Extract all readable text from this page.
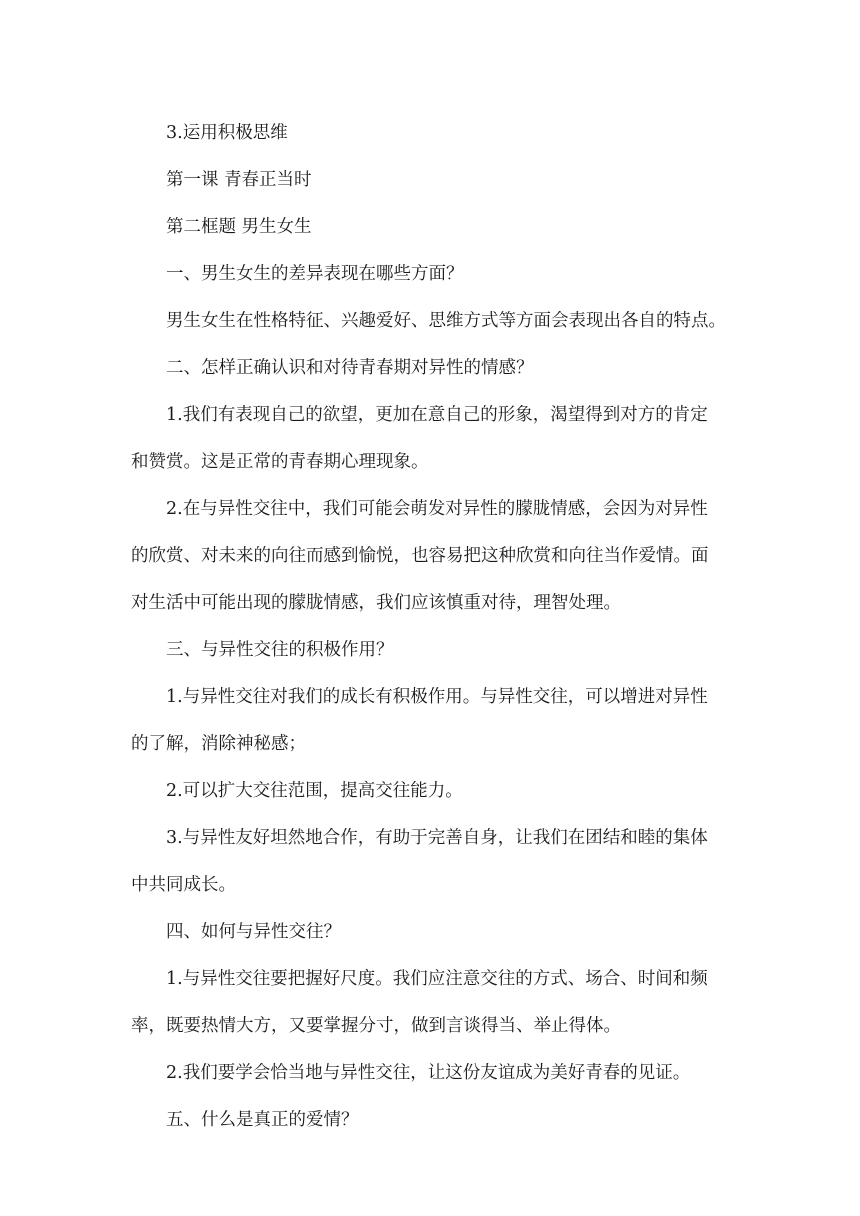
3.运用积极思维
第一课 青春正当时
第二框题 男生女生
一、男生女生的差异表现在哪些方面？
男生女生在性格特征、兴趣爱好、思维方式等方面会表现出各自的特点。
二、怎样正确认识和对待青春期对异性的情感？
1.我们有表现自己的欲望，更加在意自己的形象，渴望得到对方的肯定
和赞赏。这是正常的青春期心理现象。
2.在与异性交往中，我们可能会萌发对异性的朦胧情感，会因为对异性
的欣赏、对未来的向往而感到愉悦，也容易把这种欣赏和向往当作爱情。面
对生活中可能出现的朦胧情感，我们应该慎重对待，理智处理。
三、与异性交往的积极作用？
1.与异性交往对我们的成长有积极作用。与异性交往，可以增进对异性
的了解，消除神秘感；
2.可以扩大交往范围，提高交往能力。
3.与异性友好坦然地合作，有助于完善自身，让我们在团结和睦的集体
中共同成长。
四、如何与异性交往？
1.与异性交往要把握好尺度。我们应注意交往的方式、场合、时间和频
率，既要热情大方，又要掌握分寸，做到言谈得当、举止得体。
2.我们要学会恰当地与异性交往，让这份友谊成为美好青春的见证。
五、什么是真正的爱情？
